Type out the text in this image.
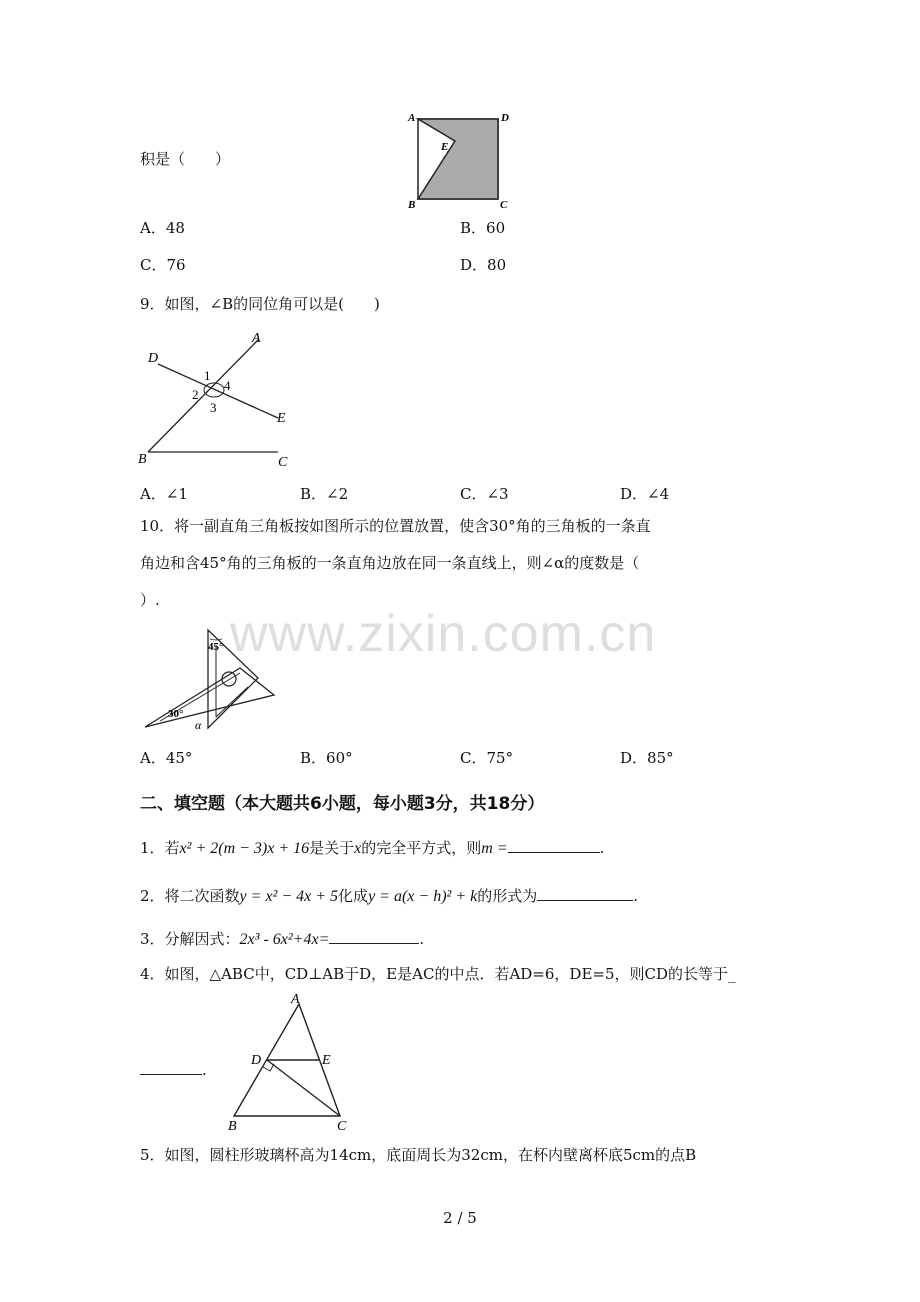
www.zixin.com.cn
积是（　　）
A	D
E
B	C
A．48	B．60
C．76	D．80
9．如图，∠B的同位角可以是(　　)
A
D
E
B	C
1
2
3
4
A．∠1	B．∠2	C．∠3	D．∠4
10．将一副直角三角板按如图所示的位置放置，使含30°角的三角板的一条直
角边和含45°角的三角板的一条直角边放在同一条直线上，则∠α的度数是（
）.
45°
30°
α
A．45°	B．60°	C．75°	D．85°
二、填空题（本大题共6小题，每小题3分，共18分）
1．若x² + 2(m − 3)x + 16是关于x的完全平方式，则m =	.
2．将二次函数y = x² − 4x + 5化成y = a(x − h)² + k的形式为	.
3．分解因式：2x³ - 6x²+4x=	.
4．如图，△ABC中，CD⊥AB于D，E是AC的中点．若AD=6，DE=5，则CD的长等于_
A
D	E
B	C
.
5．如图，圆柱形玻璃杯高为14cm，底面周长为32cm，在杯内壁离杯底5cm的点B
2 / 5
